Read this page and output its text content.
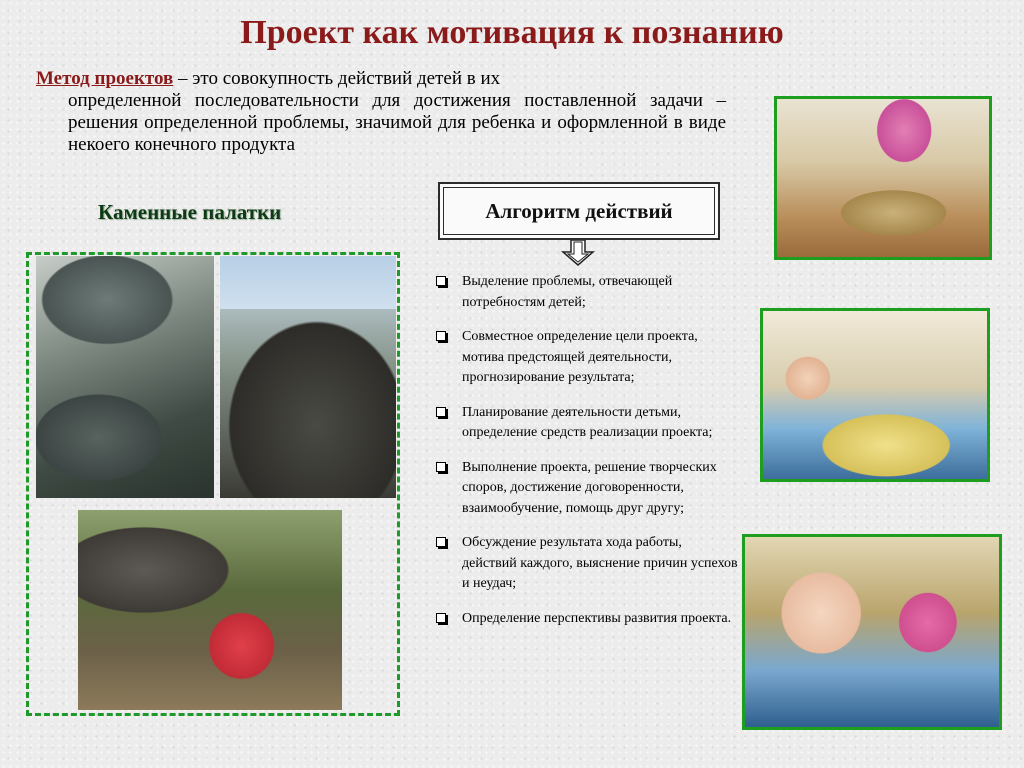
Проект как мотивация к познанию
Метод проектов – это совокупность действий детей в их
определенной последовательности для достижения поставленной задачи – решения определенной проблемы, значимой для ребенка и оформленной в виде некоего конечного продукта
Каменные палатки	Алгоритм действий
Выделение проблемы, отвечающей потребностям детей;
Совместное определение цели проекта, мотива предстоящей деятельности, прогнозирование результата;
Планирование деятельности детьми, определение средств реализации проекта;
Выполнение проекта, решение творческих споров, достижение договоренности, взаимообучение, помощь друг другу;
Обсуждение результата хода работы, действий каждого, выяснение причин успехов и неудач;
Определение перспективы развития проекта.
